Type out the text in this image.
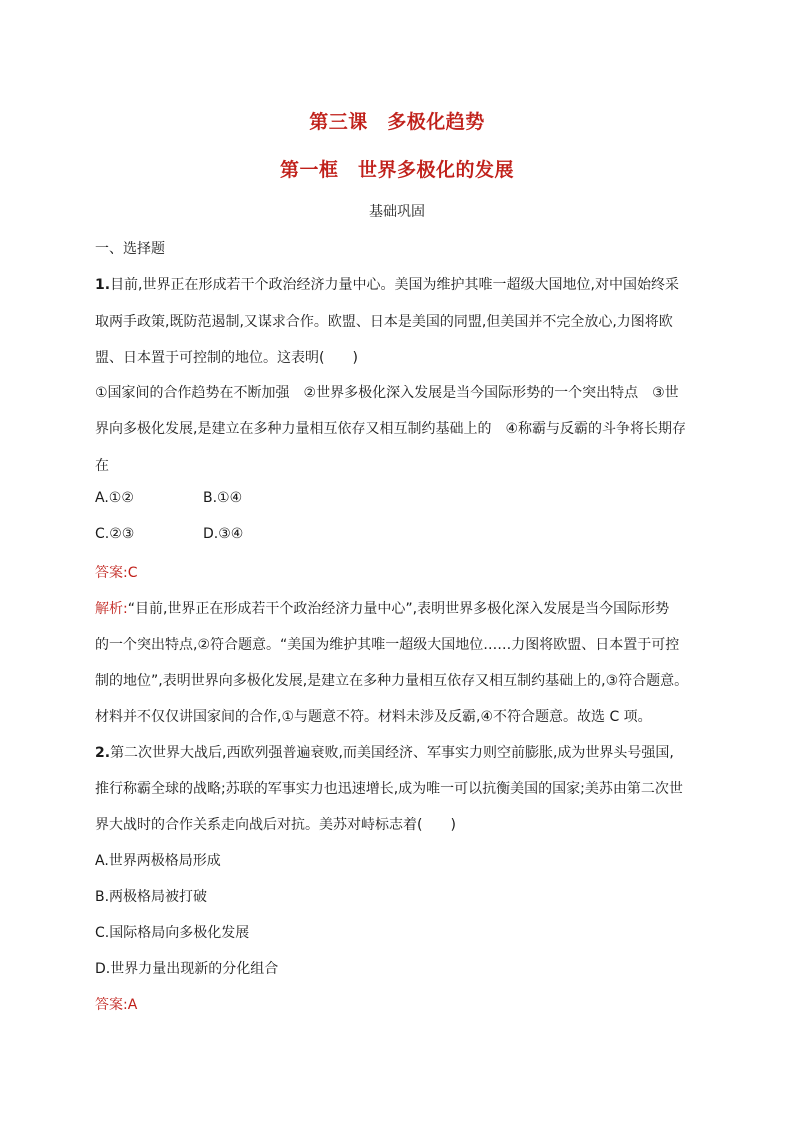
第三课　多极化趋势
第一框　世界多极化的发展
基础巩固
一、选择题
1.目前,世界正在形成若干个政治经济力量中心。美国为维护其唯一超级大国地位,对中国始终采
取两手政策,既防范遏制,又谋求合作。欧盟、日本是美国的同盟,但美国并不完全放心,力图将欧
盟、日本置于可控制的地位。这表明(　　)
①国家间的合作趋势在不断加强　②世界多极化深入发展是当今国际形势的一个突出特点　③世
界向多极化发展,是建立在多种力量相互依存又相互制约基础上的　④称霸与反霸的斗争将长期存
在
A.①②	B.①④
C.②③	D.③④
答案:C
解析:“目前,世界正在形成若干个政治经济力量中心”,表明世界多极化深入发展是当今国际形势
的一个突出特点,②符合题意。“美国为维护其唯一超级大国地位……力图将欧盟、日本置于可控
制的地位”,表明世界向多极化发展,是建立在多种力量相互依存又相互制约基础上的,③符合题意。
材料并不仅仅讲国家间的合作,①与题意不符。材料未涉及反霸,④不符合题意。故选 C 项。
2.第二次世界大战后,西欧列强普遍衰败,而美国经济、军事实力则空前膨胀,成为世界头号强国,
推行称霸全球的战略;苏联的军事实力也迅速增长,成为唯一可以抗衡美国的国家;美苏由第二次世
界大战时的合作关系走向战后对抗。美苏对峙标志着(　　)
A.世界两极格局形成
B.两极格局被打破
C.国际格局向多极化发展
D.世界力量出现新的分化组合
答案:A
